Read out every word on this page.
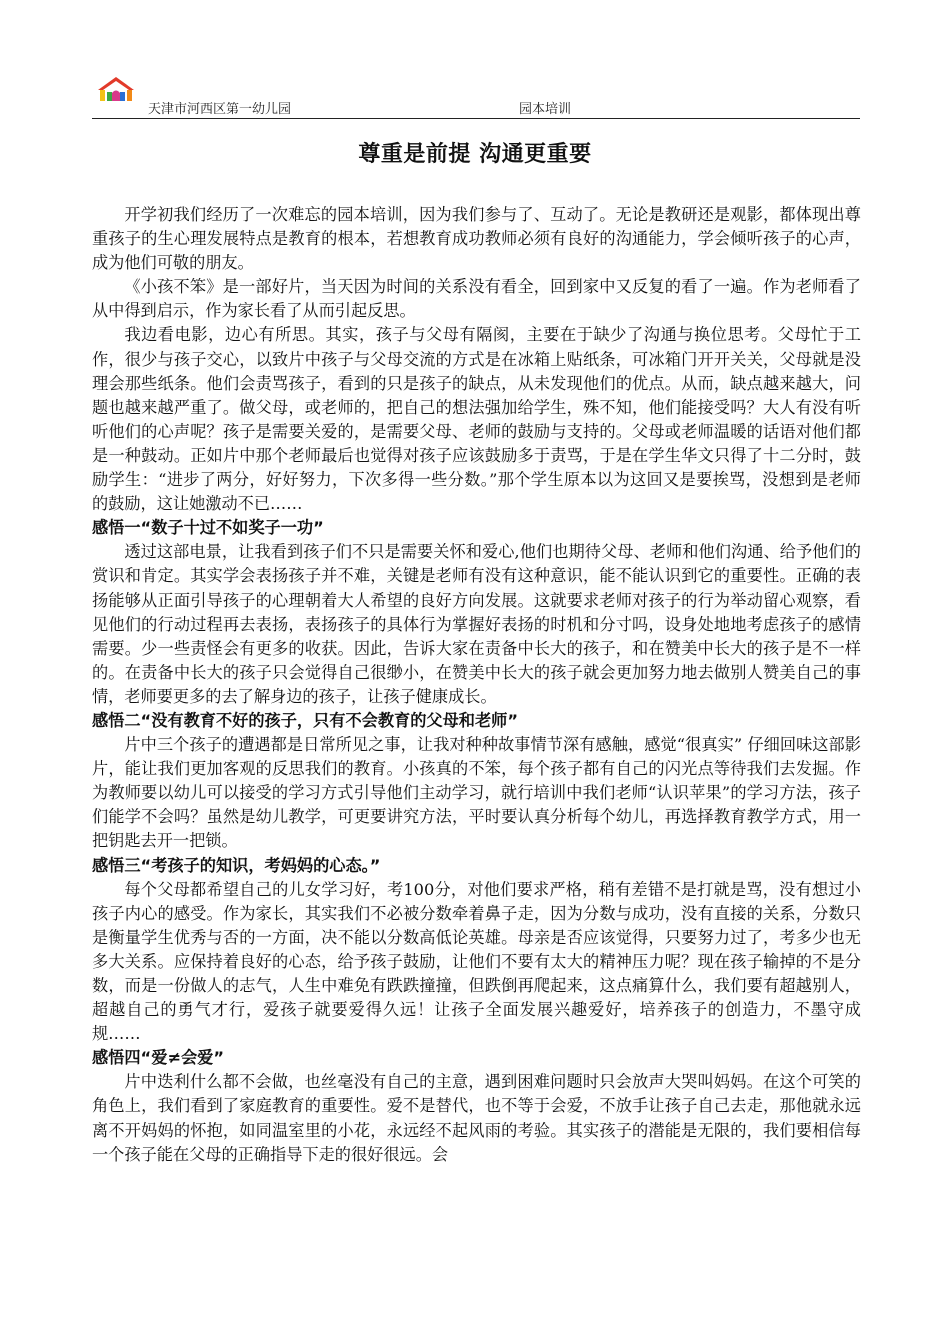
天津市河西区第一幼儿园	园本培训
尊重是前提 沟通更重要

开学初我们经历了一次难忘的园本培训，因为我们参与了、互动了。无论是教研还是观影，都体现出尊重孩子的生心理发展特点是教育的根本，若想教育成功教师必须有良好的沟通能力，学会倾听孩子的心声，成为他们可敬的朋友。

《小孩不笨》是一部好片，当天因为时间的关系没有看全，回到家中又反复的看了一遍。作为老师看了从中得到启示，作为家长看了从而引起反思。

我边看电影，边心有所思。其实，孩子与父母有隔阂，主要在于缺少了沟通与换位思考。父母忙于工作，很少与孩子交心，以致片中孩子与父母交流的方式是在冰箱上贴纸条，可冰箱门开开关关，父母就是没理会那些纸条。他们会责骂孩子，看到的只是孩子的缺点，从未发现他们的优点。从而，缺点越来越大，问题也越来越严重了。做父母，或老师的，把自己的想法强加给学生，殊不知，他们能接受吗？大人有没有听听他们的心声呢？孩子是需要关爱的，是需要父母、老师的鼓励与支持的。父母或老师温暖的话语对他们都是一种鼓动。正如片中那个老师最后也觉得对孩子应该鼓励多于责骂，于是在学生华文只得了十二分时，鼓励学生：“进步了两分，好好努力，下次多得一些分数。”那个学生原本以为这回又是要挨骂，没想到是老师的鼓励，这让她激动不已……

感悟一“数子十过不如奖子一功”

透过这部电景，让我看到孩子们不只是需要关怀和爱心,他们也期待父母、老师和他们沟通、给予他们的赏识和肯定。其实学会表扬孩子并不难，关键是老师有没有这种意识，能不能认识到它的重要性。正确的表扬能够从正面引导孩子的心理朝着大人希望的良好方向发展。这就要求老师对孩子的行为举动留心观察，看见他们的行动过程再去表扬，表扬孩子的具体行为掌握好表扬的时机和分寸吗，设身处地地考虑孩子的感情需要。少一些责怪会有更多的收获。因此，告诉大家在责备中长大的孩子，和在赞美中长大的孩子是不一样的。在责备中长大的孩子只会觉得自己很缈小，在赞美中长大的孩子就会更加努力地去做别人赞美自己的事情，老师要更多的去了解身边的孩子，让孩子健康成长。

感悟二“没有教育不好的孩子，只有不会教育的父母和老师”

片中三个孩子的遭遇都是日常所见之事，让我对种种故事情节深有感触，感觉“很真实” 仔细回味这部影片，能让我们更加客观的反思我们的教育。小孩真的不笨，每个孩子都有自己的闪光点等待我们去发掘。作为教师要以幼儿可以接受的学习方式引导他们主动学习，就行培训中我们老师“认识苹果”的学习方法，孩子们能学不会吗？虽然是幼儿教学，可更要讲究方法，平时要认真分析每个幼儿，再选择教育教学方式，用一把钥匙去开一把锁。

感悟三“考孩子的知识，考妈妈的心态。”

每个父母都希望自己的儿女学习好，考100分，对他们要求严格，稍有差错不是打就是骂，没有想过小孩子内心的感受。作为家长，其实我们不必被分数牵着鼻子走，因为分数与成功，没有直接的关系，分数只是衡量学生优秀与否的一方面，决不能以分数高低论英雄。母亲是否应该觉得，只要努力过了，考多少也无多大关系。应保持着良好的心态，给予孩子鼓励，让他们不要有太大的精神压力呢？现在孩子输掉的不是分数，而是一份做人的志气，人生中难免有跌跌撞撞，但跌倒再爬起来，这点痛算什么，我们要有超越别人，超越自己的勇气才行，爱孩子就要爱得久远！让孩子全面发展兴趣爱好，培养孩子的创造力，不墨守成规……

感悟四“爱≠会爱”

片中迭利什么都不会做，也丝毫没有自己的主意，遇到困难问题时只会放声大哭叫妈妈。在这个可笑的角色上，我们看到了家庭教育的重要性。爱不是替代，也不等于会爱，不放手让孩子自己去走，那他就永远离不开妈妈的怀抱，如同温室里的小花，永远经不起风雨的考验。其实孩子的潜能是无限的，我们要相信每一个孩子能在父母的正确指导下走的很好很远。会
